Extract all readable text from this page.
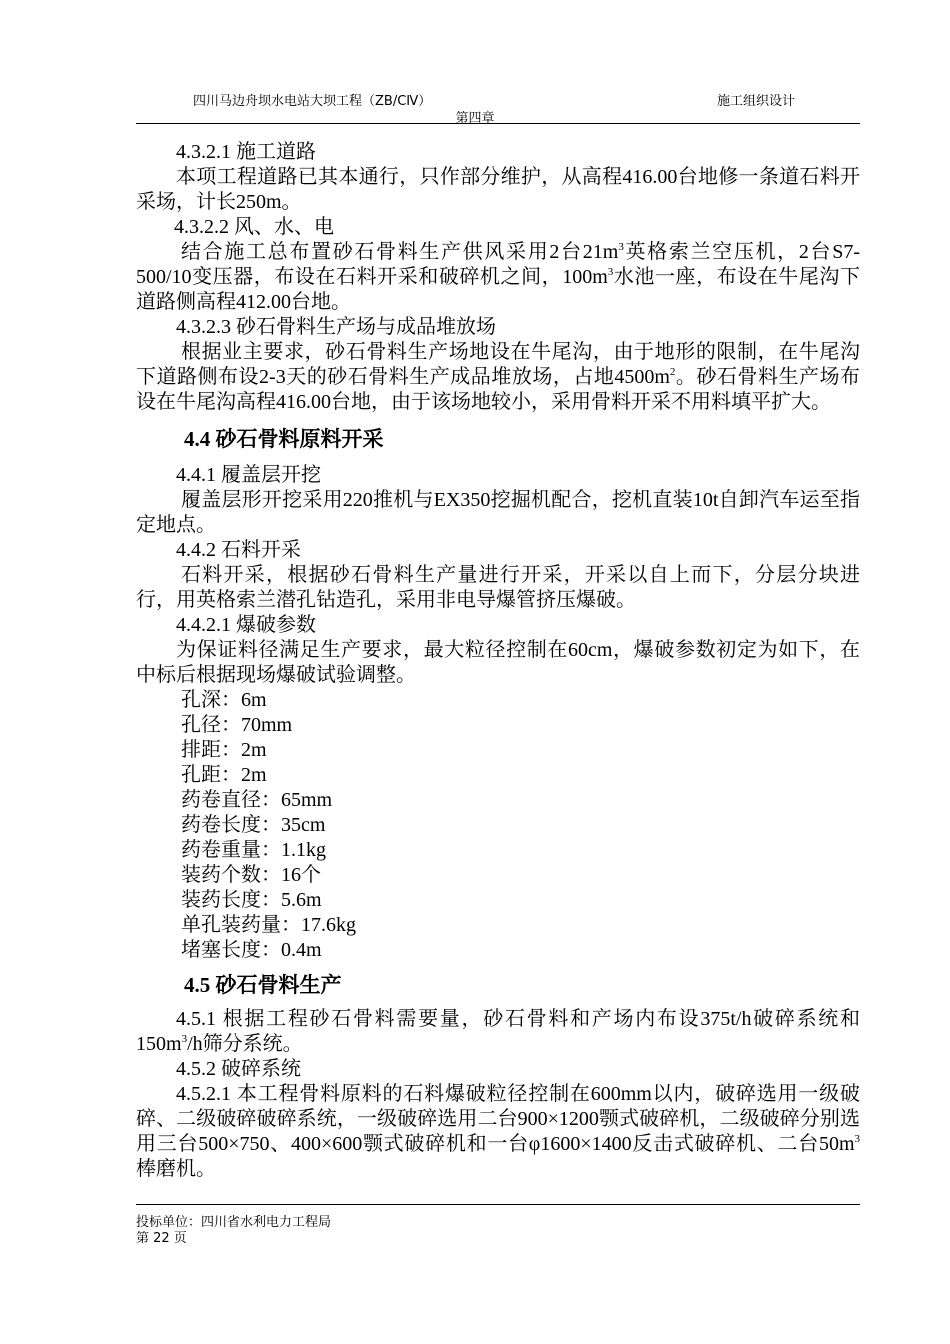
四川马边舟坝水电站大坝工程（ZB/CⅣ）	施工组织设计
第四章

4.3.2.1 施工道路

本项工程道路已其本通行，只作部分维护，从高程416.00台地修一条道石料开采场，计长250m。

4.3.2.2 风、水、电

结合施工总布置砂石骨料生产供风采用2台$21m^3$英格索兰空压机，2台S7-500/10变压器，布设在石料开采和破碎机之间，$100m^3$水池一座，布设在牛尾沟下道路侧高程412.00台地。

4.3.2.3 砂石骨料生产场与成品堆放场

根据业主要求，砂石骨料生产场地设在牛尾沟，由于地形的限制，在牛尾沟下道路侧布设2-3天的砂石骨料生产成品堆放场，占地$4500m^2$。砂石骨料生产场布设在牛尾沟高程416.00台地，由于该场地较小，采用骨料开采不用料填平扩大。

4.4 砂石骨料原料开采

4.4.1 履盖层开挖

履盖层形开挖采用220推机与EX350挖掘机配合，挖机直装10t自卸汽车运至指定地点。

4.4.2 石料开采

石料开采，根据砂石骨料生产量进行开采，开采以自上而下，分层分块进行，用英格索兰潜孔钻造孔，采用非电导爆管挤压爆破。

4.4.2.1 爆破参数

为保证料径满足生产要求，最大粒径控制在60cm，爆破参数初定为如下，在中标后根据现场爆破试验调整。

孔深：6m

孔径：70mm

排距：2m

孔距：2m

药卷直径：65mm

药卷长度：35cm

药卷重量：1.1kg

装药个数：16个

装药长度：5.6m

单孔装药量：17.6kg

堵塞长度：0.4m

4.5 砂石骨料生产

4.5.1 根据工程砂石骨料需要量，砂石骨料和产场内布设375t/h破碎系统和$150m^3/h$筛分系统。

4.5.2 破碎系统

4.5.2.1 本工程骨料原料的石料爆破粒径控制在600mm以内，破碎选用一级破碎、二级破碎破碎系统，一级破碎选用二台900×1200颚式破碎机，二级破碎分别选用三台500×750、400×600颚式破碎机和一台φ1600×1400反击式破碎机、二台$50m^3$棒磨机。

投标单位：四川省水利电力工程局
第 22 页
